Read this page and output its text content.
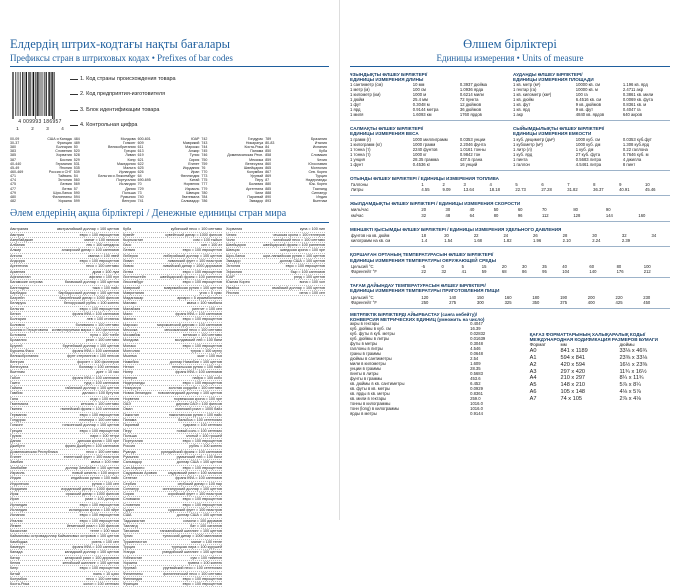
Елдердің штрих-кодтағы нақты бағалары
Префиксы стран в штриховых кодах • Prefixes of bar codes
4 009993 186957
1	2	3	4
1. Код страны происхождения товара
2. Код предприятия-изготовителя
3. Блок идентификации товара
4. Контрольная цифра
00-09	США и Канада
30-37	Франция
380	Болгария
383	Словения
385	Хорватия
387	Босния
40-440	Германия
45-49	Япония
460-469	Россия и СНГ
471	Тайвань
474	Эстония
475	Латвия
477	Литва
479	Шри-Ланка
480	Филиппины
482	Украина
484	Молдова
489	Гонконг
50	Великобритания
520	Греция
528	Ливан
529	Кипр
531	Македония
535	Мальта
539	Ирландия
54	Бельгия и Люксембург
560	Португалия
569	Исландия
57	Дания
590	Польша
594	Румыния
599	Венгрия
600-601	ЮАР
609	Маврикий
611	Марокко
613	Алжир
619	Тунис
621	Сирия
622	Египет
625	Иордания
626	Иран
64	Финляндия
690-695	Китай
70	Норвегия
729	Израиль
73	Швеция
740	Гватемала
741	Сальвадор
742	Гондурас
743	Никарагуа
744	Коста-Рика
745	Панама
746	Доминиканская Респ.
750	Мексика
759	Венесуэла
76	Швейцария
770	Колумбия
773	Уругвай
775	Перу
777	Боливия
779	Аргентина
780	Чили
784	Парагвай
786	Эквадор
789	Бразилия
80-83	Италия
84	Испания
850	Куба
858	Словакия
859	Чехия
860	Югославия
865	Монголия
867	Сев. Корея
869	Турция
87	Нидерланды
880	Юж. Корея
885	Таиланд
888	Сингапур
890	Индия
893	Вьетнам
Әлем елдерінің ақша бірліктері / Денежные единицы стран мира
Австралия	австралийский доллар = 100 центов
Австрия	евро = 100 евроцентов
Азербайджан	манат = 100 гяпиков
Албания	лек = 100 киндарок
Алжир	алжирский динар = 100 сантимов
Ангола	кванза = 100 лвей
Андорра	евро = 100 евроцентов
Аргентина	песо = 100 сентаво
Армения	драм = 100 лум
Афганистан	афгани = 100 пул
Багамские острова	багамский доллар = 100 центов
Бангладеш	така = 100 пайс
Барбадос	барбадосский доллар = 100 центов
Бахрейн	бахрейнский динар = 1000 филсов
Беларусь	белорусский рубль = 100 копеек
Бельгия	евро = 100 евроцентов
Бенин	франк КФА = 100 сантимов
Болгария	лев = 100 стотинок
Боливия	боливиано = 100 сентаво
Босния и Герцеговина конвертируемая марка = 100 фенингов
Ботсвана	пула = 100 тхебе
Бразилия	реал = 100 сентаво
Бруней	брунейский доллар = 100 центов
Буркина-Фасо	франк КФА = 100 сантимов
Великобритания	фунт стерлингов = 100 пенсов
Венгрия	форинт = 100 филлеров
Венесуэла	боливар = 100 сентимо
Вьетнам	донг = 10 хао
Габон	франк КФА = 100 сантимов
Гаити	гурд = 100 сантимов
Гайана	гайанский доллар = 100 центов
Гамбия	даласи = 100 бутутов
Гана	седи = 100 песев
Гватемала	кетсаль = 100 сентаво
Гвинея	гвинейский франк = 100 сантимов
Германия	евро = 100 евроцентов
Гондурас	лемпира = 100 сентаво
Гонконг	гонконгский доллар = 100 центов
Греция	евро = 100 евроцентов
Грузия	лари = 100 тетри
Дания	датская крона = 100 эре
Джибути	франк Джибути = 100 сантимов
Доминиканская Республика	песо = 100 сентаво
Египет	египетский фунт = 100 пиастров
Замбия	квача = 100 нгве
Зимбабве	доллар Зимбабве = 100 центов
Израиль	новый шекель = 100 агорот
Индия	индийская рупия = 100 пайс
Индонезия	рупия = 100 сен
Иордания	иорданский динар = 1000 филсов
Ирак	иракский динар = 1000 филсов
Иран	риал = 100 динаров
Ирландия	евро = 100 евроцентов
Исландия	исландская крона = 100 эйре
Испания	евро = 100 евроцентов
Италия	евро = 100 евроцентов
Йемен	йеменский риал = 100 филсов
Казахстан	тенге = 100 тиын
Каймановы острова доллар Каймановых островов = 100 центов
Камбоджа	риель = 100 сен
Камерун	франк КФА = 100 сантимов
Канада	канадский доллар = 100 центов
Катар	катарский риал = 100 дирхамов
Кения	кенийский шиллинг = 100 центов
Кипр	евро = 100 евроцентов
Китай	юань = 10 цзяо
Колумбия	песо = 100 сентаво
Коста-Рика	колон = 100 сентимо
Куба	кубинский песо = 100 сентаво
Кувейт	кувейтский динар = 1000 филсов
Кыргызстан	сом = 100 тыйын
Лаос	кип = 100 ат
Латвия	евро = 100 евроцентов
Либерия	либерийский доллар = 100 центов
Ливан	ливанский фунт = 100 пиастров
Ливия	ливийский динар = 1000 дирхамов
Литва	евро = 100 евроцентов
Лихтенштейн	швейцарский франк = 100 раппенов
Люксембург	евро = 100 евроцентов
Маврикий	маврикийская рупия = 100 центов
Мавритания	угия = 5 хумс
Мадагаскар	ариари = 5 ираимбилания
Малави	квача = 100 тамбала
Малайзия	ринггит = 100 сен
Мали	франк КФА = 100 сантимов
Мальта	евро = 100 евроцентов
Марокко	марокканский дирхам = 100 сантимов
Мексика	мексиканский песо = 100 сентаво
Мозамбик	метикал = 100 сентаво
Молдова	молдавский лей = 100 бани
Монако	евро = 100 евроцентов
Монголия	тугрик = 100 мунгу
Мьянма	кьят = 100 пья
Намибия	доллар Намибии = 100 центов
Непал	непальская рупия = 100 пайс
Нигер	франк КФА = 100 сантимов
Нигерия	найра = 100 кобо
Нидерланды	евро = 100 евроцентов
Никарагуа	золотая кордоба = 100 сентаво
Новая Зеландия новозеландский доллар = 100 центов
Норвегия	норвежская крона = 100 эре
ОАЭ	дирхам ОАЭ = 100 филсов
Оман	оманский риал = 1000 байз
Пакистан	пакистанская рупия = 100 пайс
Панама	бальбоа = 100 сентесимо
Парагвай	гуарани = 100 сентимо
Перу	новый соль = 100 сентимо
Польша	злотый = 100 грошей
Португалия	евро = 100 евроцентов
Россия	рубль = 100 копеек
Руанда	руандийский франк = 100 сантимов
Румыния	румынский лей = 100 бани
Сальвадор	доллар США = 100 центов
Сан-Марино	евро = 100 евроцентов
Саудовская Аравия	саудовский риял = 100 халалов
Сенегал	франк КФА = 100 сантимов
Сербия	сербский динар = 100 пар
Сингапур	сингапурский доллар = 100 центов
Сирия	сирийский фунт = 100 пиастров
Словакия	евро = 100 евроцентов
Словения	евро = 100 евроцентов
Судан	суданский фунт = 100 пиастров
США	доллар США = 100 центов
Таджикистан	сомони = 100 дирамов
Таиланд	бат = 100 сатангов
Танзания	танзанийский шиллинг = 100 центов
Тунис	тунисский динар = 1000 миллимов
Туркменистан	манат = 100 тенге
Турция	турецкая лира = 100 курушей
Уганда	угандийский шиллинг = 100 центов
Узбекистан	сум = 100 тийинов
Украина	гривна = 100 копеек
Уругвай	уругвайский песо = 100 сентесимо
Филиппины	филиппинский песо = 100 сентаво
Финляндия	евро = 100 евроцентов
Франция	евро = 100 евроцентов
Хорватия	куна = 100 лип
Чехия	чешская крона = 100 геллеров
Чили	чилийский песо = 100 сентаво
Швейцария	швейцарский франк = 100 раппенов
Швеция	шведская крона = 100 эре
Шри-Ланка	шри-ланкийская рупия = 100 центов
Эквадор	доллар США = 100 центов
Эстония	евро = 100 евроцентов
Эфиопия	быр = 100 сантимов
ЮАР	рэнд = 100 центов
Южная Корея	вона = 100 чон
Ямайка	ямайский доллар = 100 центов
Япония	иена = 100 сен
Өлшем бірліктері
Единицы измерения • Units of measure
ҰЗЫНДЫҚТЫ ӨЛШЕУ БІРЛІКТЕРІ/
ЕДИНИЦЫ ИЗМЕРЕНИЯ ДЛИНЫ
1 сантиметр (см)	10 мм	0.3937 дюйма
1 метр (м)	100 см	1.0936 ярда
1 километр (км)	1000 м	0.6214 мили
1 дюйм	25.4 мм	72 пункта
1 фут	0.3048 м	12 дюймов
1 ярд	0.9144 метра	36 дюймов
1 миля	1.6093 км	1760 ярдов
АУДАНДЫ ӨЛШЕУ БІРЛІКТЕРІ/
ЕДИНИЦЫ ИЗМЕРЕНИЯ ПЛОЩАДИ
1 кв. метр (м²)	10000 кв. см	1.196 кв. ярд
1 гектар (га)	10000 кв. м	2.4711 акр
1 кв. километр (км²)	100 га	0.3861 кв. мили
1 кв. дюйм	6.4516 кв. см	0.0069 кв. фута
1 кв. фут	9 кв. дюймов	0.8361 кв. м
1 кв. ярд	9 кв. фут	0.4047 га
1 акр	4840 кв. ярдов	640 акров
САЛМАҚТЫ ӨЛШЕУ БІРЛІКТЕРІ/
ЕДИНИЦЫ ИЗМЕРЕНИЯ ВЕСА
1 грамм (г)	1000 миллиграмм	0.0353 унции
1 килограмм (кг)	1000 грамм	2.2046 фунта
1 тонна (т)	2240 фунтов	1.0161 тонны
1 тонна (т)	1000 кг	0.9842 тон
1 унция	28.35 грамма	437.5 грана
1 фунт	0.4536 кг	16 унций
СЫЙЫМДЫЛЫҚТЫ ӨЛШЕУ БІРЛІКТЕРІ/
ЕДИНИЦЫ ИЗМЕРЕНИЯ ЕМКОСТИ
1 куб. дециметр (дм³)	1000 куб. см	0.0353 куб.фут
1 кубометр (м³)	1000 куб. дм	1.308 куб.ярд
1 литр (л)	1 куб. дм	0.22 галлона
1 куб. ярд	27 куб. фута	0.7646 куб. м
1 пинта	0.5683 литра	4 джилла
1 галлон	4.5461 литра	8 пинт
ОТЫНДЫ ӨЛШЕУ БІРЛІКТЕРІ / ЕДИНИЦЫ ИЗМЕРЕНИЯ ТОПЛИВА
Галлоны	1	2	3	4	5	6	7	8	9	10
Литры	4.55	9.09	13.64	18.18	22.73	27.28	31.82	36.37	40.91	45.46
ЖЫЛДАМДЫҚТЫ ӨЛШЕУ БІРЛІКТЕРІ / ЕДИНИЦЫ ИЗМЕРЕНИЯ СКОРОСТИ
миль/час	20	30	40	50	60	70	80	90	
км/час	32	48	64	80	96	112	128	144	160
МЕНШІКТІ ҚЫСЫМДЫ ӨЛШЕУ БІРЛІКТЕРІ / ЕДИНИЦЫ ИЗМЕРЕНИЯ УДЕЛЬНОГО ДАВЛЕНИЯ
фунтов на кв. дюйм	18	20	22	24	26	28	30	32	34
килограмм на кв. см	1.4	1.54	1.68	1.82	1.96	2.10	2.24	2.39	
ҚОРШАҒАН ОРТАНЫҢ ТЕМПЕРАТУРАСЫН ӨЛШЕУ БІРЛІКТЕРІ/
ЕДИНИЦЫ ИЗМЕРЕНИЯ ТЕМПЕРАТУРЫ ОКРУЖАЮЩЕЙ СРЕДЫ
Цельсий °C	-5	0	5	15	20	30	35	40	60	80	100
Фаренгейт °F	22	32	41	59	68	86	95	104	140	176	212
ТАҒАМ ДАЙЫНДАУ ТЕМПЕРАТУРАСЫН ӨЛШЕУ БІРЛІКТЕРІ/
ЕДИНИЦЫ ИЗМЕРЕНИЯ ТЕМПЕРАТУРЫ ПРИГОТОВЛЕНИЯ ПИЩИ
Цельсий °C	120	140	150	160	180	190	200	220	230
Фаренгейт °F	250	275	300	325	350	375	400	425	450
МЕТРЛІКТІК БІРЛІКТЕРДІ АЙЫРБАСТАУ (санға көбейту)/
КОНВЕРСИЯ МЕТРИЧЕСКИХ ЕДИНИЦ (умножить на число)
акры в гектары	0.4047
куб. дюймы в куб. см	16.39
куб. футы в куб. метры	0.02832
куб. дюймы в литры	0.01639
футы в метры	0.3048
галлоны в литры	4.546
граны в граммы	0.0648
дюймы в сантиметры	2.54
мили в километры	1.609
унции в граммы	28.35
пинты в литры	0.5683
фунты в граммы	453.6
кв. дюймы в кв. сантиметры	6.452
кв. футы в кв. метры	0.0929
кв. ярды в кв. метры	0.8361
кв. мили в гектары	259.0
тонны в килограммы	1016.0
тонн (long) в килограммы	1016.0
ярды в метры	0.9144
ҚАҒАЗ ФОРМАТТАРЫНЫҢ ХАЛЫҚАРАЛЫҚ КОДЫ/
МЕЖДУНАРОДНАЯ КОДИФИКАЦИЯ РАЗМЕРОВ БУМАГИ
Формат	мм	дюймы
A0	841 x 1189	33⅛ x 46¾
A1	594 x 841	23⅜ x 33⅛
A2	420 x 594	16½ x 23⅜
A3	297 x 420	11¾ x 16½
A4	210 x 297	8¼ x 11¾
A5	148 x 210	5⅞ x 8¼
A6	105 x 148	4⅛ x 5⅞
A7	74 x 105	2⅞ x 4⅛
